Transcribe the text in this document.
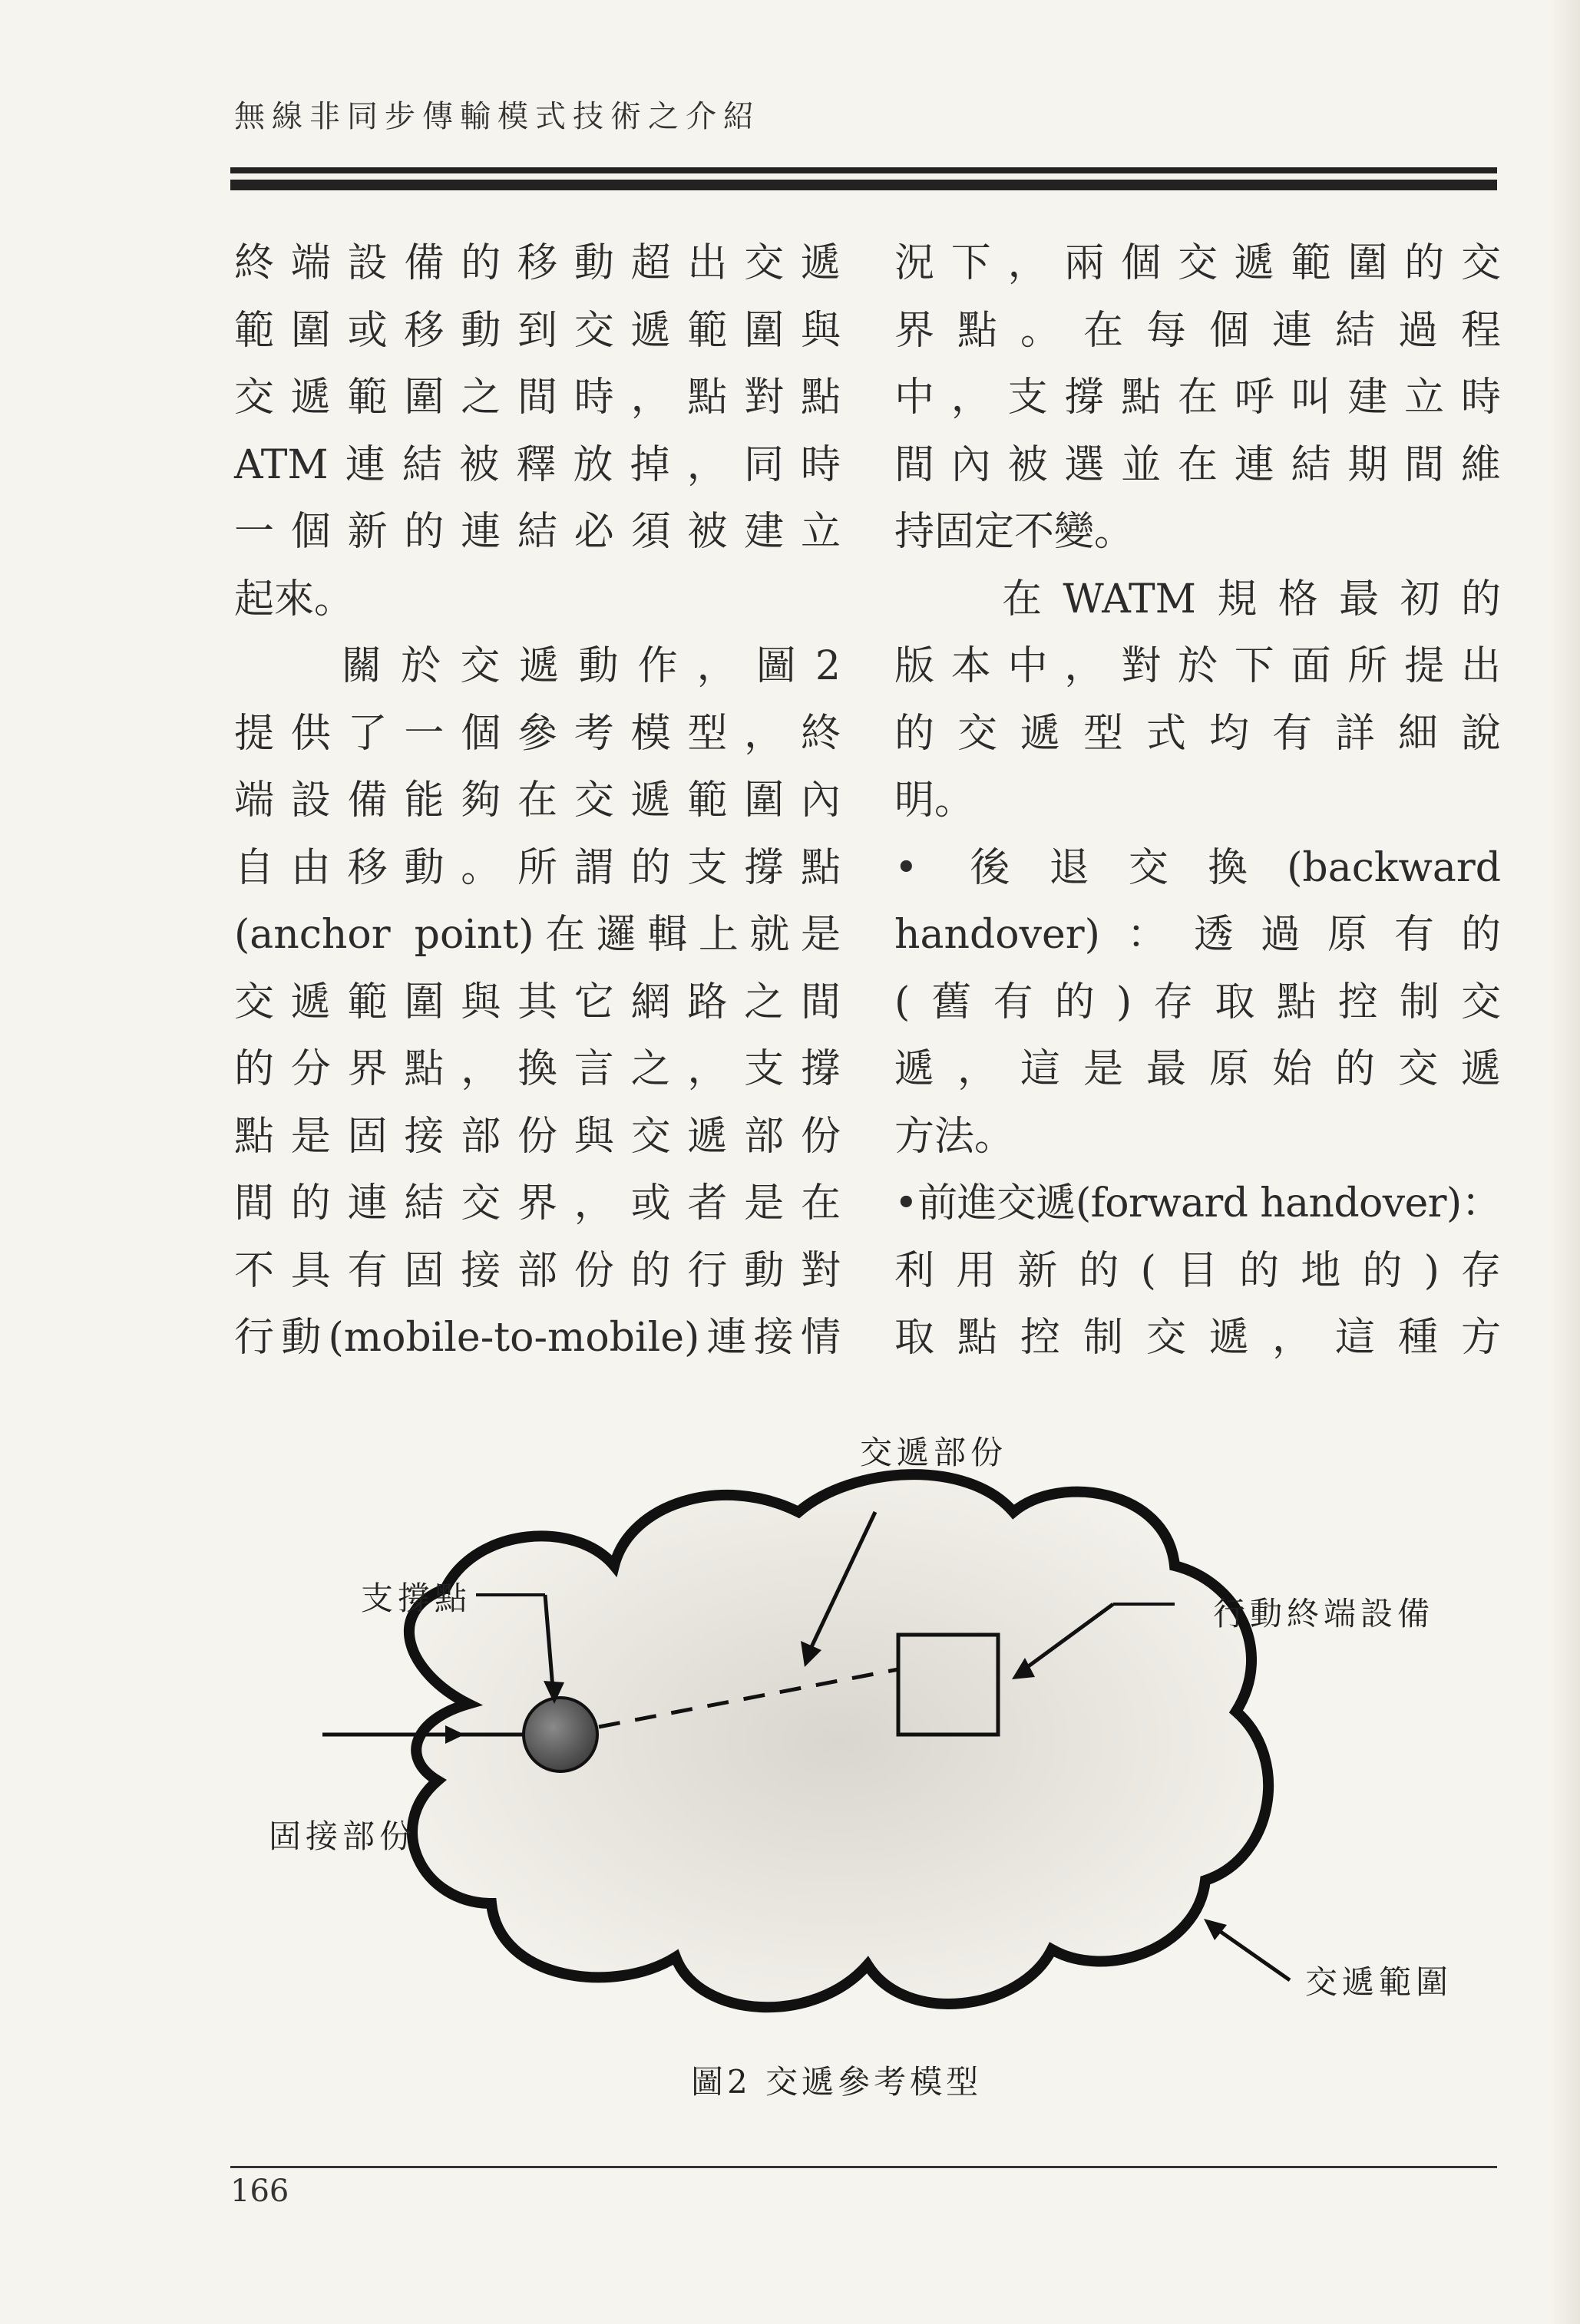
無線非同步傳輸模式技術之介紹
終端設備的移動超出交遞
範圍或移動到交遞範圍與
交遞範圍之間時，點對點
ATM連結被釋放掉，同時
一個新的連結必須被建立
起來。
關於交遞動作，圖2
提供了一個參考模型，終
端設備能夠在交遞範圍內
自由移動。所謂的支撐點
(anchor point)在邏輯上就是
交遞範圍與其它網路之間
的分界點，換言之，支撐
點是固接部份與交遞部份
間的連結交界，或者是在
不具有固接部份的行動對
行動(mobile-to-mobile)連接情
況下，兩個交遞範圍的交
界點。在每個連結過程
中，支撐點在呼叫建立時
間內被選並在連結期間維
持固定不變。
在WATM規格最初的
版本中，對於下面所提出
的交遞型式均有詳細說
明。
• 後退交換(backward
handover)：透過原有的
(舊有的)存取點控制交
遞，這是最原始的交遞
方法。
•前進交遞(forward handover)：
利用新的(目的地的)存
取點控制交遞，這種方
交遞部份
支撐點	行動終端設備
固接部份
交遞範圍
圖2 交遞參考模型
166
